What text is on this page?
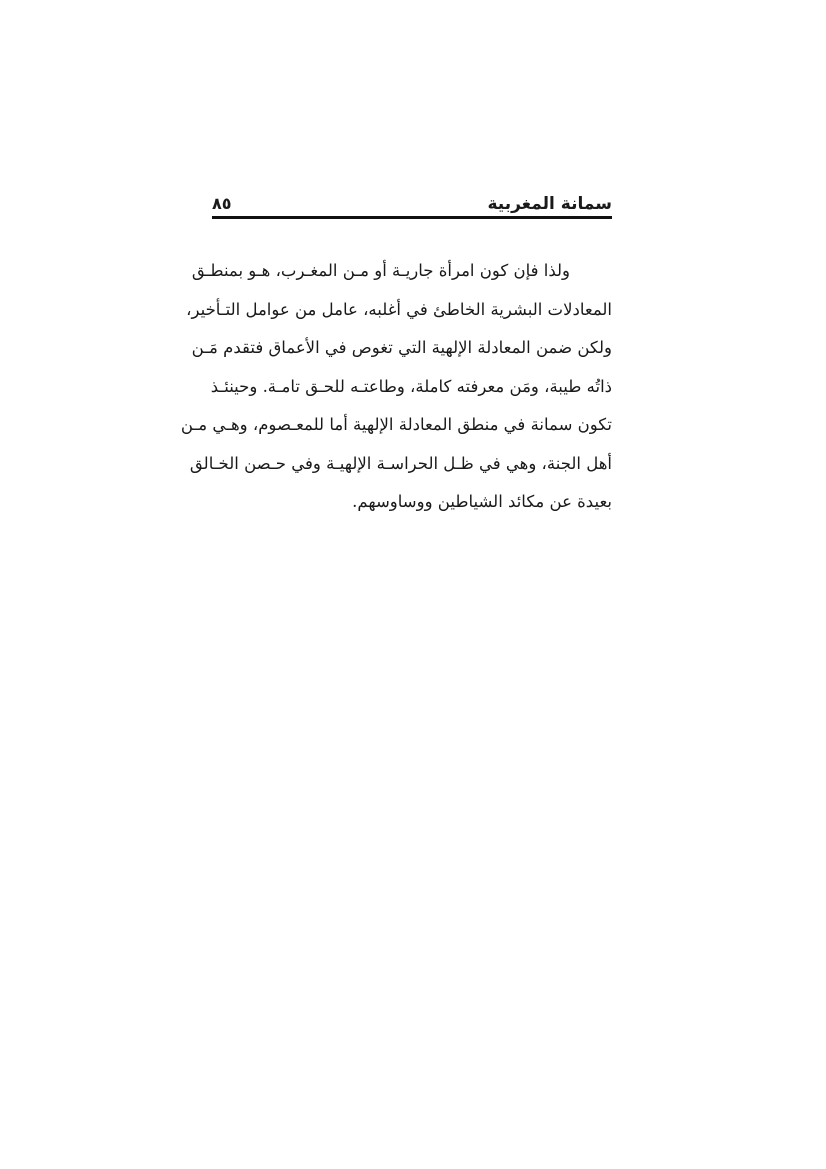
سمانة المغربية
٨٥
ولذا فإن كون امرأة جاريـة أو مـن المغـرب، هـو بمنطـق
المعادلات البشرية الخاطئ في أغلبه، عامل من عوامل التـأخير،
ولكن ضمن المعادلة الإلهية التي تغوص في الأعماق فتقدم مَـن
ذاتُه طيبة، ومَن معرفته كاملة، وطاعتـه للحـق تامـة. وحينئـذ
تكون سمانة في منطق المعادلة الإلهية أما للمعـصوم، وهـي مـن
أهل الجنة، وهي في ظـل الحراسـة الإلهيـة وفي حـصن الخـالق
بعيدة عن مكائد الشياطين ووساوسهم.
